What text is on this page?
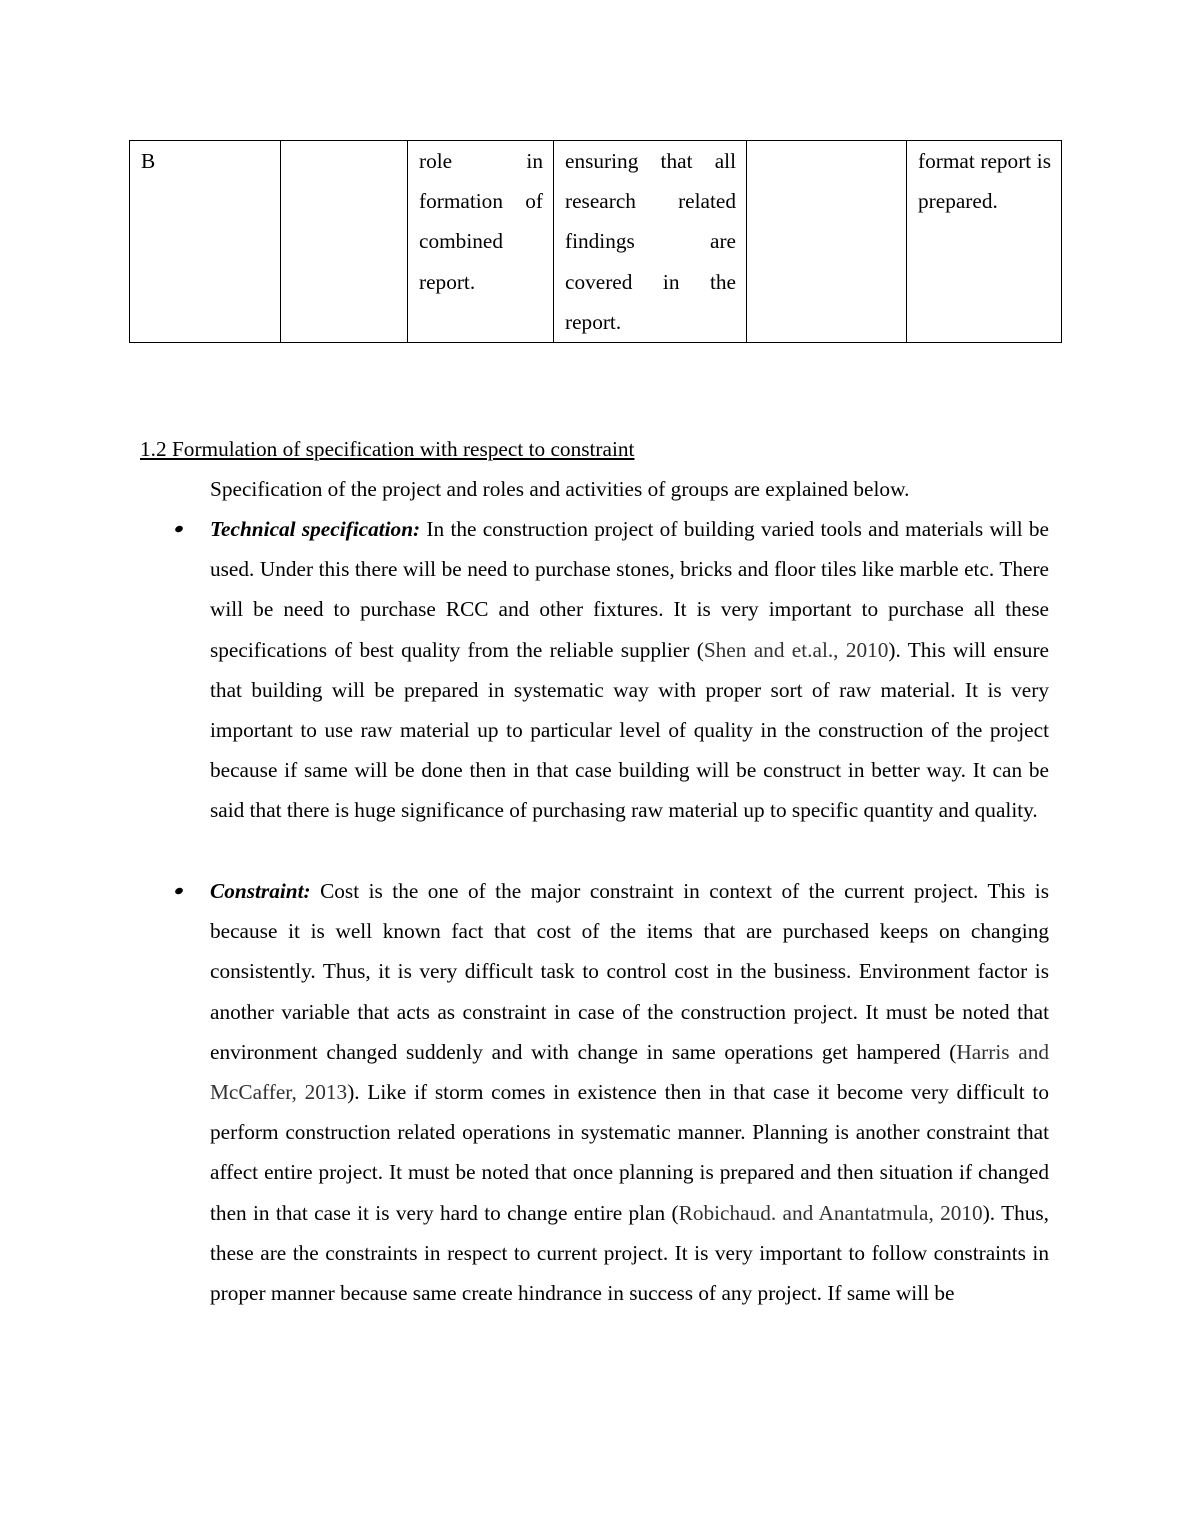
B		role in formation of combined report.	ensuring that all research related findings are covered in the report.		format report is prepared.
1.2 Formulation of specification with respect to constraint
Specification of the project and roles and activities of groups are explained below.
Technical specification: In the construction project of building varied tools and materials will be used. Under this there will be need to purchase stones, bricks and floor tiles like marble etc. There will be need to purchase RCC and other fixtures. It is very important to purchase all these specifications of best quality from the reliable supplier (Shen and et.al., 2010). This will ensure that building will be prepared in systematic way with proper sort of raw material. It is very important to use raw material up to particular level of quality in the construction of the project because if same will be done then in that case building will be construct in better way. It can be said that there is huge significance of purchasing raw material up to specific quantity and quality.
Constraint: Cost is the one of the major constraint in context of the current project. This is because it is well known fact that cost of the items that are purchased keeps on changing consistently. Thus, it is very difficult task to control cost in the business. Environment factor is another variable that acts as constraint in case of the construction project. It must be noted that environment changed suddenly and with change in same operations get hampered (Harris and McCaffer, 2013). Like if storm comes in existence then in that case it become very difficult to perform construction related operations in systematic manner. Planning is another constraint that affect entire project. It must be noted that once planning is prepared and then situation if changed then in that case it is very hard to change entire plan (Robichaud. and Anantatmula, 2010). Thus, these are the constraints in respect to current project. It is very important to follow constraints in proper manner because same create hindrance in success of any project. If same will be
